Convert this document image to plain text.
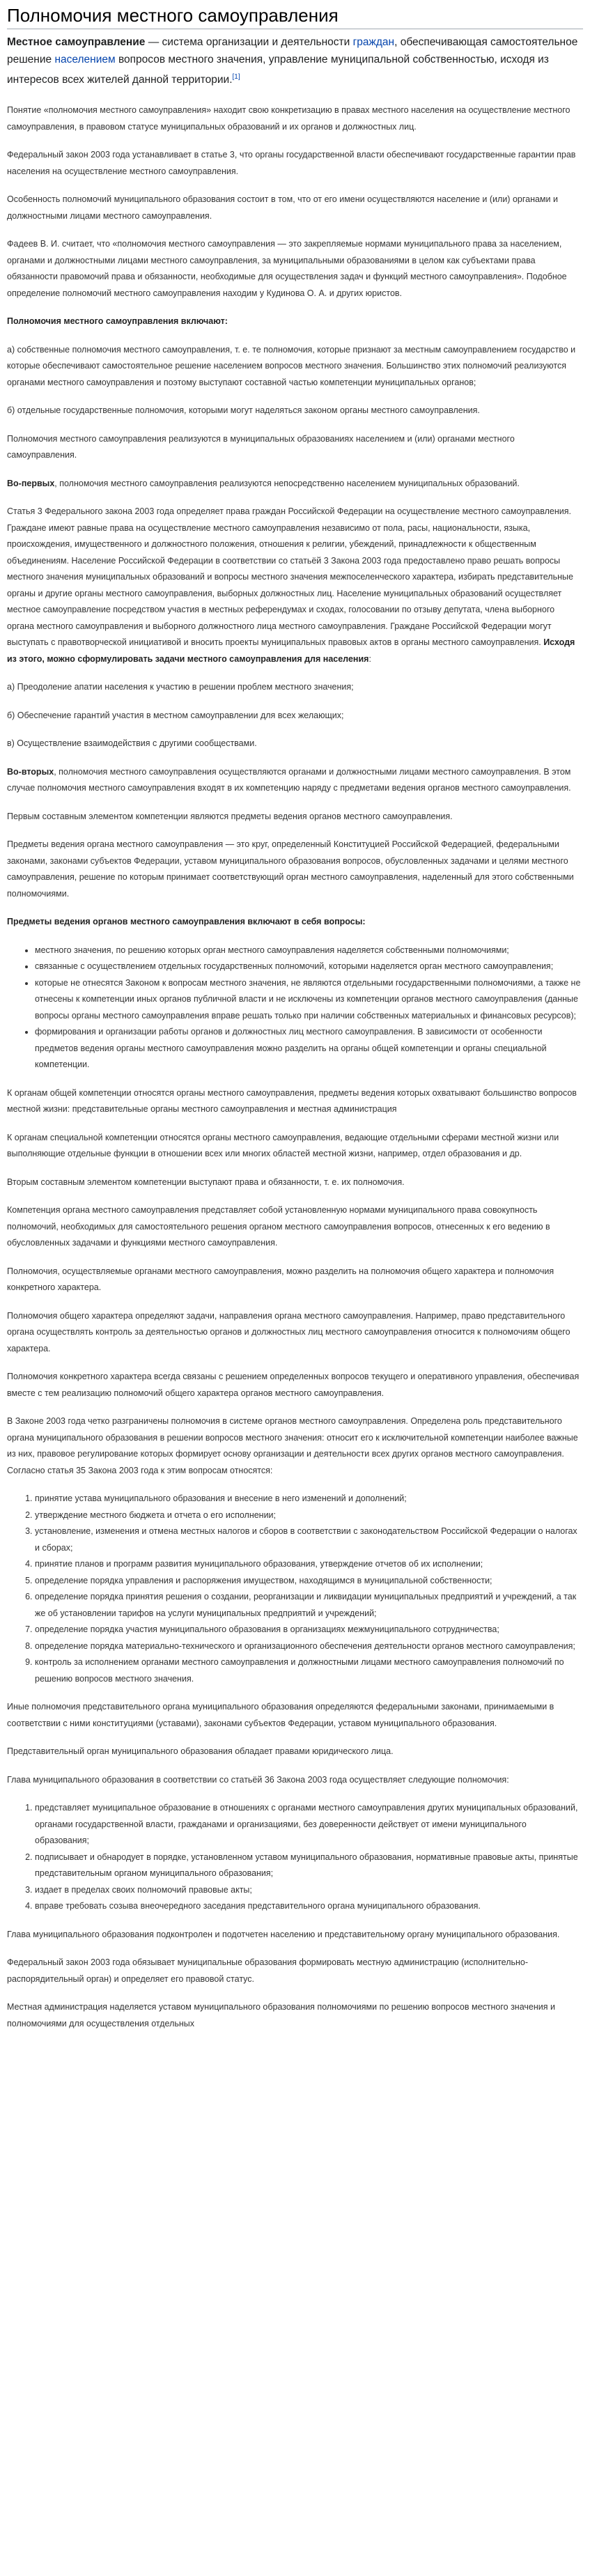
Полномочия местного самоуправления
Местное самоуправление — система организации и деятельности граждан, обеспечивающая самостоятельное решение населением вопросов местного значения, управление муниципальной собственностью, исходя из интересов всех жителей данной территории.[1]

Понятие «полномочия местного самоуправления» находит свою конкретизацию в правах местного населения на осуществление местного самоуправления, в правовом статусе муниципальных образований и их органов и должностных лиц.

Федеральный закон 2003 года устанавливает в статье 3, что органы государственной власти обеспечивают государственные гарантии прав населения на осуществление местного самоуправления.

Особенность полномочий муниципального образования состоит в том, что от его имени осуществляются население и (или) органами и должностными лицами местного самоуправления.

Фадеев В. И. считает, что «полномочия местного самоуправления — это закрепляемые нормами муниципального права за населением, органами и должностными лицами местного самоуправления, за муниципальными образованиями в целом как субъектами права обязанности правомочий права и обязанности, необходимые для осуществления задач и функций местного самоуправления». Подобное определение полномочий местного самоуправления находим у Кудинова О. А. и других юристов.

Полномочия местного самоуправления включают:

а) собственные полномочия местного самоуправления, т. е. те полномочия, которые признают за местным самоуправлением государство и которые обеспечивают самостоятельное решение населением вопросов местного значения. Большинство этих полномочий реализуются органами местного самоуправления и поэтому выступают составной частью компетенции муниципальных органов;

б) отдельные государственные полномочия, которыми могут наделяться законом органы местного самоуправления.

Полномочия местного самоуправления реализуются в муниципальных образованиях населением и (или) органами местного самоуправления.

Во-первых, полномочия местного самоуправления реализуются непосредственно населением муниципальных образований.

Статья 3 Федерального закона 2003 года определяет права граждан Российской Федерации на осуществление местного самоуправления. Граждане имеют равные права на осуществление местного самоуправления независимо от пола, расы, национальности, языка, происхождения, имущественного и должностного положения, отношения к религии, убеждений, принадлежности к общественным объединениям. Население Российской Федерации в соответствии со статьёй 3 Закона 2003 года предоставлено право решать вопросы местного значения муниципальных образований и вопросы местного значения межпоселенческого характера, избирать представительные органы и другие органы местного самоуправления, выборных должностных лиц. Население муниципальных образований осуществляет местное самоуправление посредством участия в местных референдумах и сходах, голосовании по отзыву депутата, члена выборного органа местного самоуправления и выборного должностного лица местного самоуправления. Граждане Российской Федерации могут выступать с правотворческой инициативой и вносить проекты муниципальных правовых актов в органы местного самоуправления. Исходя из этого, можно сформулировать задачи местного самоуправления для населения:

а) Преодоление апатии населения к участию в решении проблем местного значения;

б) Обеспечение гарантий участия в местном самоуправлении для всех желающих;

в) Осуществление взаимодействия с другими сообществами.

Во-вторых, полномочия местного самоуправления осуществляются органами и должностными лицами местного самоуправления. В этом случае полномочия местного самоуправления входят в их компетенцию наряду с предметами ведения органов местного самоуправления.

Первым составным элементом компетенции являются предметы ведения органов местного самоуправления.

Предметы ведения органа местного самоуправления — это круг, определенный Конституцией Российской Федерацией, федеральными законами, законами субъектов Федерации, уставом муниципального образования вопросов, обусловленных задачами и целями местного самоуправления, решение по которым принимает соответствующий орган местного самоуправления, наделенный для этого собственными полномочиями.

Предметы ведения органов местного самоуправления включают в себя вопросы:

• местного значения, по решению которых орган местного самоуправления наделяется собственными полномочиями;
• связанные с осуществлением отдельных государственных полномочий, которыми наделяется орган местного самоуправления;
• которые не отнесятся Законом к вопросам местного значения, не являются отдельными государственными полномочиями, а также не отнесены к компетенции иных органов публичной власти и не исключены из компетенции органов местного самоуправления (данные вопросы органы местного самоуправления вправе решать только при наличии собственных материальных и финансовых ресурсов);
• формирования и организации работы органов и должностных лиц местного самоуправления. В зависимости от особенности предметов ведения органы местного самоуправления можно разделить на органы общей компетенции и органы специальной компетенции.

К органам общей компетенции относятся органы местного самоуправления, предметы ведения которых охватывают большинство вопросов местной жизни: представительные органы местного самоуправления и местная администрация

К органам специальной компетенции относятся органы местного самоуправления, ведающие отдельными сферами местной жизни или выполняющие отдельные функции в отношении всех или многих областей местной жизни, например, отдел образования и др.

Вторым составным элементом компетенции выступают права и обязанности, т. е. их полномочия.

Компетенция органа местного самоуправления представляет собой установленную нормами муниципального права совокупность полномочий, необходимых для самостоятельного решения органом местного самоуправления вопросов, отнесенных к его ведению в обусловленных задачами и функциями местного самоуправления.

Полномочия, осуществляемые органами местного самоуправления, можно разделить на полномочия общего характера и полномочия конкретного характера.

Полномочия общего характера определяют задачи, направления органа местного самоуправления. Например, право представительного органа осуществлять контроль за деятельностью органов и должностных лиц местного самоуправления относится к полномочиям общего характера.

Полномочия конкретного характера всегда связаны с решением определенных вопросов текущего и оперативного управления, обеспечивая вместе с тем реализацию полномочий общего характера органов местного самоуправления.

В Законе 2003 года четко разграничены полномочия в системе органов местного самоуправления. Определена роль представительного органа муниципального образования в решении вопросов местного значения: относит его к исключительной компетенции наиболее важные из них, правовое регулирование которых формирует основу организации и деятельности всех других органов местного самоуправления. Согласно статья 35 Закона 2003 года к этим вопросам относятся:

1. принятие устава муниципального образования и внесение в него изменений и дополнений;
2. утверждение местного бюджета и отчета о его исполнении;
3. установление, изменения и отмена местных налогов и сборов в соответствии с законодательством Российской Федерации о налогах и сборах;
4. принятие планов и программ развития муниципального образования, утверждение отчетов об их исполнении;
5. определение порядка управления и распоряжения имуществом, находящимся в муниципальной собственности;
6. определение порядка принятия решения о создании, реорганизации и ликвидации муниципальных предприятий и учреждений, а так же об установлении тарифов на услуги муниципальных предприятий и учреждений;
7. определение порядка участия муниципального образования в организациях межмуниципального сотрудничества;
8. определение порядка материально-технического и организационного обеспечения деятельности органов местного самоуправления;
9. контроль за исполнением органами местного самоуправления и должностными лицами местного самоуправления полномочий по решению вопросов местного значения.

Иные полномочия представительного органа муниципального образования определяются федеральными законами, принимаемыми в соответствии с ними конституциями (уставами), законами субъектов Федерации, уставом муниципального образования.

Представительный орган муниципального образования обладает правами юридического лица.

Глава муниципального образования в соответствии со статьёй 36 Закона 2003 года осуществляет следующие полномочия:

1. представляет муниципальное образование в отношениях с органами местного самоуправления других муниципальных образований, органами государственной власти, гражданами и организациями, без доверенности действует от имени муниципального образования;
2. подписывает и обнародует в порядке, установленном уставом муниципального образования, нормативные правовые акты, принятые представительным органом муниципального образования;
3. издает в пределах своих полномочий правовые акты;
4. вправе требовать созыва внеочередного заседания представительного органа муниципального образования.

Глава муниципального образования подконтролен и подотчетен населению и представительному органу муниципального образования.

Федеральный закон 2003 года обязывает муниципальные образования формировать местную администрацию (исполнительно-распорядительный орган) и определяет его правовой статус.

Местная администрация наделяется уставом муниципального образования полномочиями по решению вопросов местного значения и полномочиями для осуществления отдельных
